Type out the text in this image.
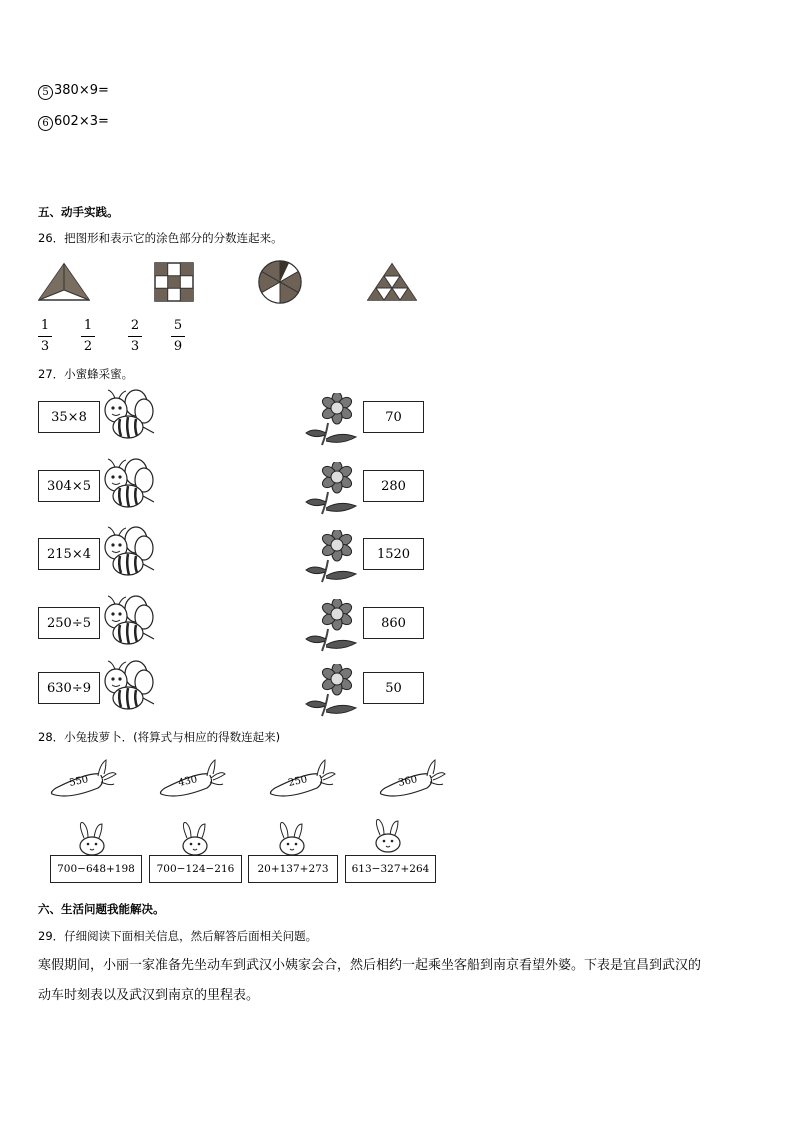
5 380×9=
6 602×3=
五、动手实践。
26．把图形和表示它的涂色部分的分数连起来。
1
3
1
2
2
3
5
9
27．小蜜蜂采蜜。
35×8	70
304×5	280
215×4	1520
250÷5	860
630÷9	50
28．小兔拔萝卜．(将算式与相应的得数连起来)
550	430	250	360
700−648+198	700−124−216	20+137+273	613−327+264
六、生活问题我能解决。
29．仔细阅读下面相关信息，然后解答后面相关问题。
寒假期间，小丽一家准备先坐动车到武汉小姨家会合，然后相约一起乘坐客船到南京看望外婆。下表是宜昌到武汉的
动车时刻表以及武汉到南京的里程表。
